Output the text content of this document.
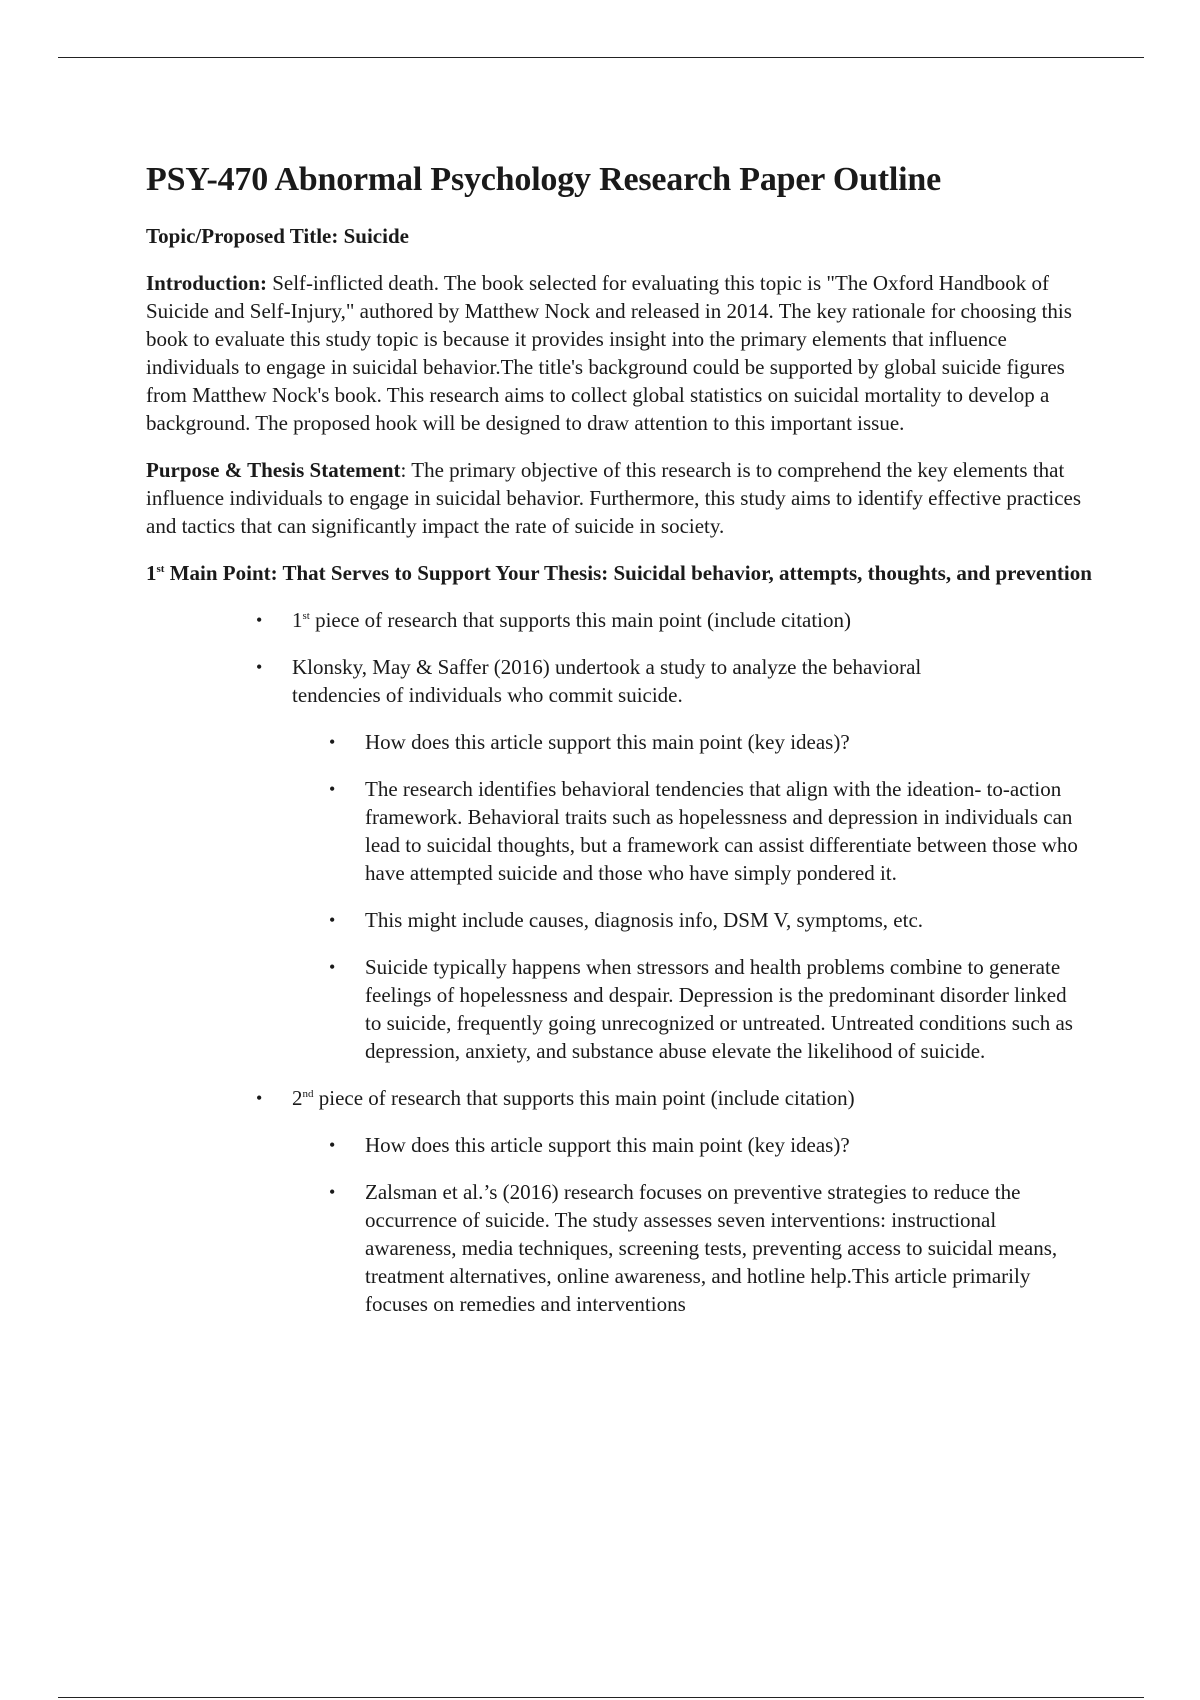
PSY-470 Abnormal Psychology Research Paper Outline

Topic/Proposed Title: Suicide

Introduction: Self-inflicted death. The book selected for evaluating this topic is "The Oxford Handbook of Suicide and Self-Injury," authored by Matthew Nock and released in 2014. The key rationale for choosing this book to evaluate this study topic is because it provides insight into the primary elements that influence individuals to engage in suicidal behavior.The title's background could be supported by global suicide figures from Matthew Nock's book. This research aims to collect global statistics on suicidal mortality to develop a background. The proposed hook will be designed to draw attention to this important issue.

Purpose & Thesis Statement: The primary objective of this research is to comprehend the key elements that influence individuals to engage in suicidal behavior. Furthermore, this study aims to identify effective practices and tactics that can significantly impact the rate of suicide in society.

1st Main Point: That Serves to Support Your Thesis: Suicidal behavior, attempts, thoughts, and prevention

• 1st piece of research that supports this main point (include citation)
• Klonsky, May & Saffer (2016) undertook a study to analyze the behavioral tendencies of individuals who commit suicide.
• How does this article support this main point (key ideas)?
• The research identifies behavioral tendencies that align with the ideation- to-action framework. Behavioral traits such as hopelessness and depression in individuals can lead to suicidal thoughts, but a framework can assist differentiate between those who have attempted suicide and those who have simply pondered it.
• This might include causes, diagnosis info, DSM V, symptoms, etc.
• Suicide typically happens when stressors and health problems combine to generate feelings of hopelessness and despair. Depression is the predominant disorder linked to suicide, frequently going unrecognized or untreated. Untreated conditions such as depression, anxiety, and substance abuse elevate the likelihood of suicide.
• 2nd piece of research that supports this main point (include citation)
• How does this article support this main point (key ideas)?
• Zalsman et al.’s (2016) research focuses on preventive strategies to reduce the occurrence of suicide. The study assesses seven interventions: instructional awareness, media techniques, screening tests, preventing access to suicidal means, treatment alternatives, online awareness, and hotline help.This article primarily focuses on remedies and interventions
